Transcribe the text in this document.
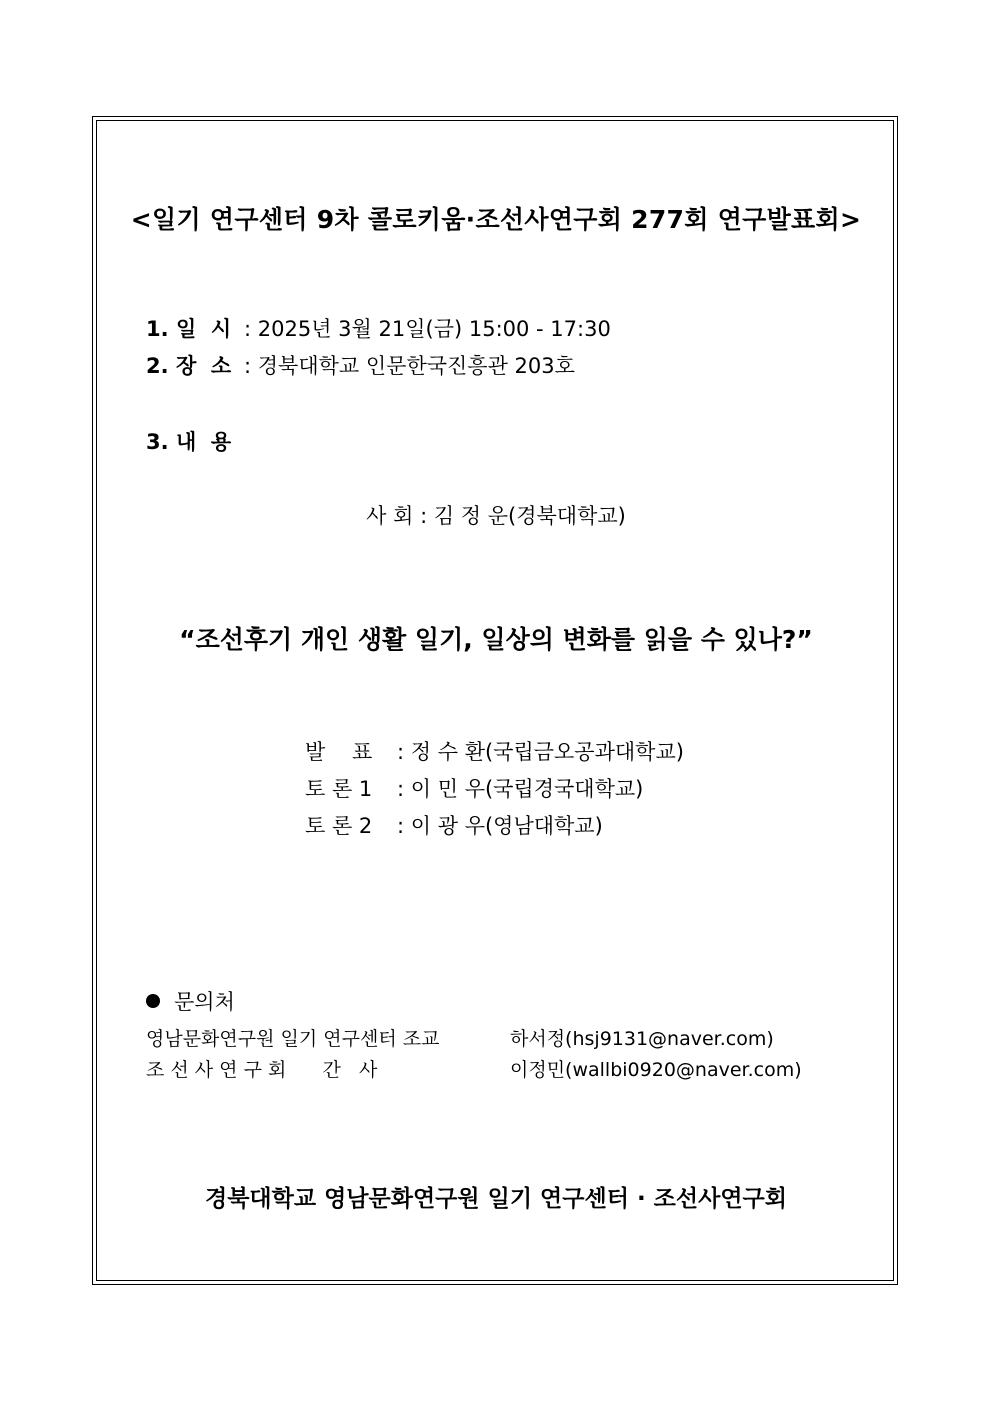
<일기 연구센터 9차 콜로키움·조선사연구회 277회 연구발표회>
1. 일  시 : 2025년 3월 21일(금) 15:00 - 17:30
2. 장  소 : 경북대학교 인문한국진흥관 203호
3. 내  용
사 회 : 김 정 운(경북대학교)
“조선후기 개인 생활 일기, 일상의 변화를 읽을 수 있나?”
발    표 : 정 수 환(국립금오공과대학교)
토 론 1 : 이 민 우(국립경국대학교)
토 론 2 : 이 광 우(영남대학교)
문의처
영남문화연구원 일기 연구센터 조교	하서정(hsj9131@naver.com)
조 선 사 연 구 회      간   사	이정민(wallbi0920@naver.com)
경북대학교 영남문화연구원 일기 연구센터 · 조선사연구회
